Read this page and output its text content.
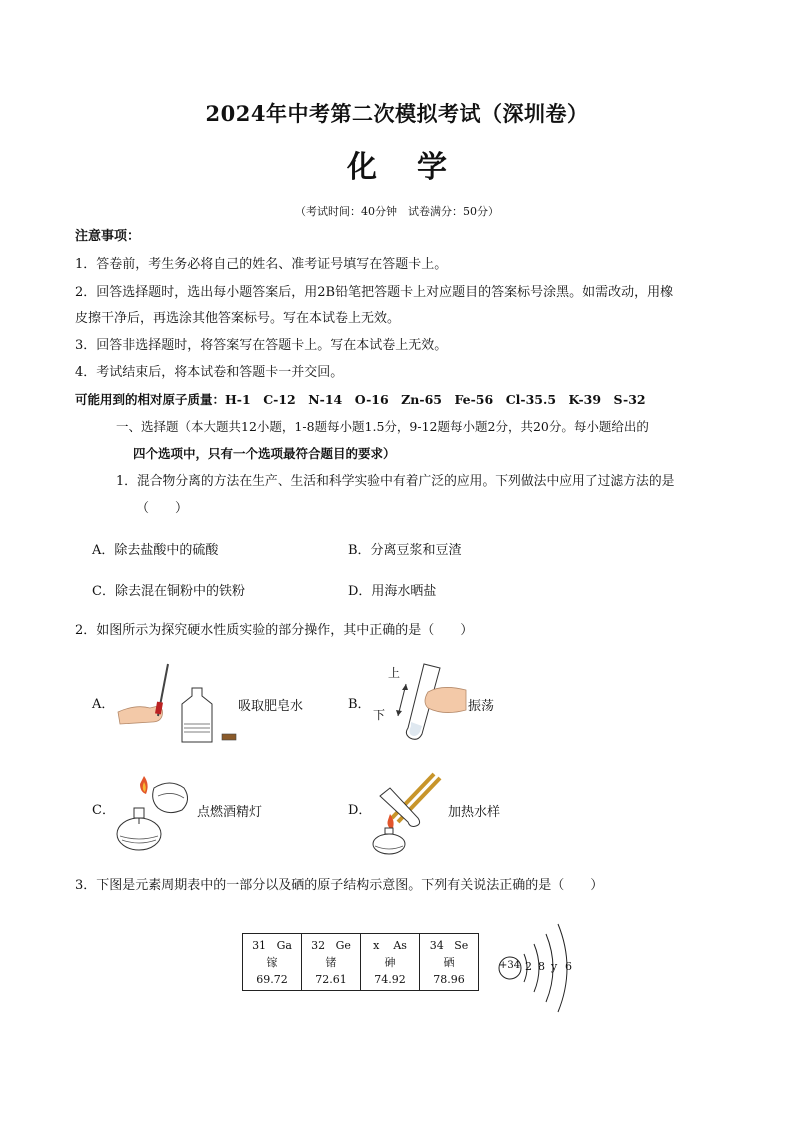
2024年中考第二次模拟考试（深圳卷）
化学
（考试时间：40分钟　试卷满分：50分）
注意事项：
1．答卷前，考生务必将自己的姓名、准考证号填写在答题卡上。
2．回答选择题时，选出每小题答案后，用2B铅笔把答题卡上对应题目的答案标号涂黑。如需改动，用橡
皮擦干净后，再选涂其他答案标号。写在本试卷上无效。
3．回答非选择题时，将答案写在答题卡上。写在本试卷上无效。
4．考试结束后，将本试卷和答题卡一并交回。
可能用到的相对原子质量：H-1　C-12　N-14　O-16　Zn-65　Fe-56　Cl-35.5　K-39　S-32
一、选择题（本大题共12小题，1-8题每小题1.5分，9-12题每小题2分，共20分。每小题给出的
四个选项中，只有一个选项最符合题目的要求）
1．混合物分离的方法在生产、生活和科学实验中有着广泛的应用。下列做法中应用了过滤方法的是
（　　）
A．除去盐酸中的硫酸	B．分离豆浆和豆渣
C．除去混在铜粉中的铁粉	D．用海水晒盐
2．如图所示为探究硬水性质实验的部分操作，其中正确的是（　　）
A．	吸取肥皂水	B．
上
下
振荡
C．	点燃酒精灯	D．	加热水样
3．下图是元素周期表中的一部分以及硒的原子结构示意图。下列有关说法正确的是（　　）
31 Ga
镓
69.72

32 Ge
锗
72.61

x As
砷
74.92

34 Se
硒
78.96
+34 2 8 y 6
